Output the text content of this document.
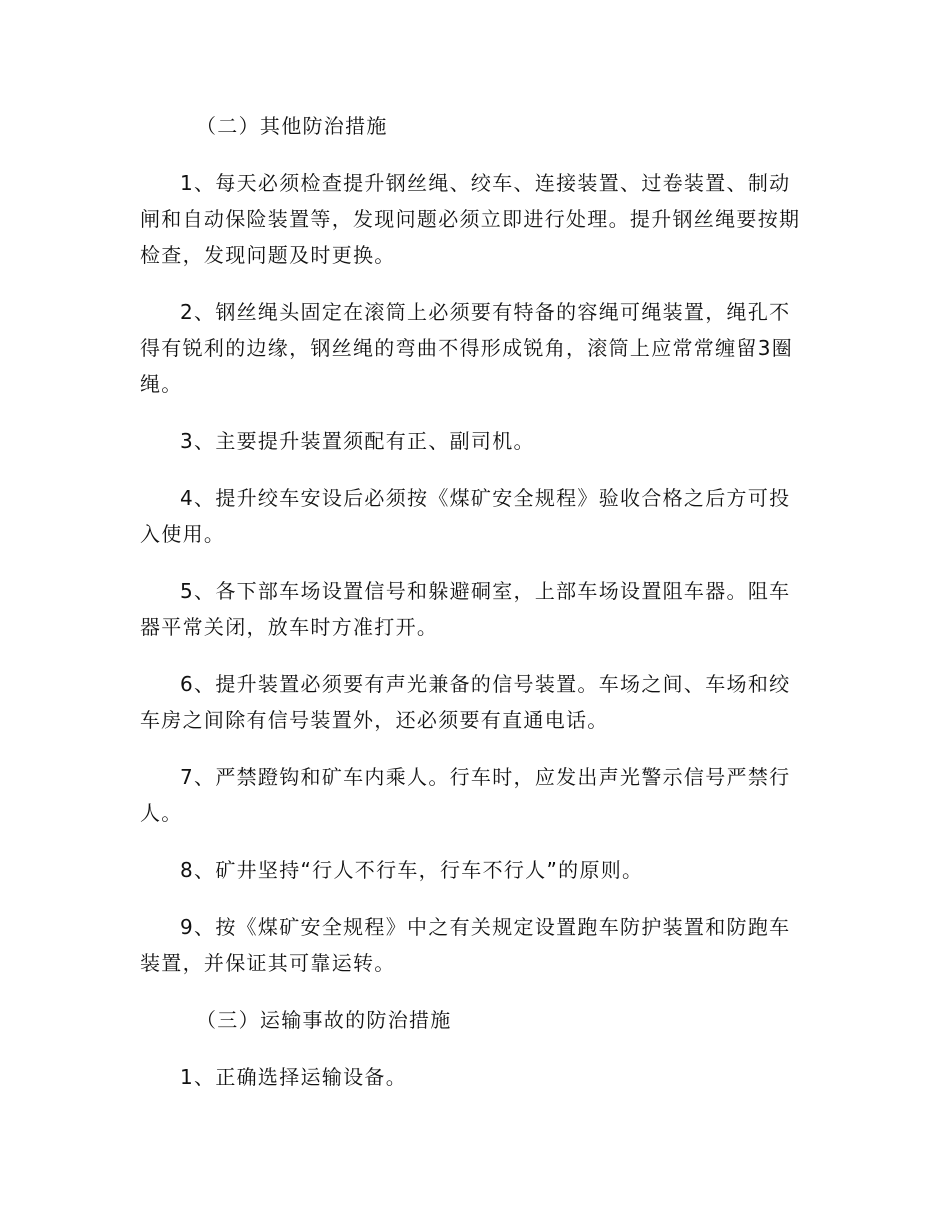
（二）其他防治措施

1、每天必须检查提升钢丝绳、绞车、连接装置、过卷装置、制动闸和自动保险装置等，发现问题必须立即进行处理。提升钢丝绳要按期检查，发现问题及时更换。

2、钢丝绳头固定在滚筒上必须要有特备的容绳可绳装置，绳孔不得有锐利的边缘，钢丝绳的弯曲不得形成锐角，滚筒上应常常缠留3圈绳。

3、主要提升装置须配有正、副司机。

4、提升绞车安设后必须按《煤矿安全规程》验收合格之后方可投入使用。

5、各下部车场设置信号和躲避硐室，上部车场设置阻车器。阻车器平常关闭，放车时方准打开。

6、提升装置必须要有声光兼备的信号装置。车场之间、车场和绞车房之间除有信号装置外，还必须要有直通电话。

7、严禁蹬钩和矿车内乘人。行车时，应发出声光警示信号严禁行人。

8、矿井坚持“行人不行车，行车不行人”的原则。

9、按《煤矿安全规程》中之有关规定设置跑车防护装置和防跑车装置，并保证其可靠运转。

（三）运输事故的防治措施

1、正确选择运输设备。
